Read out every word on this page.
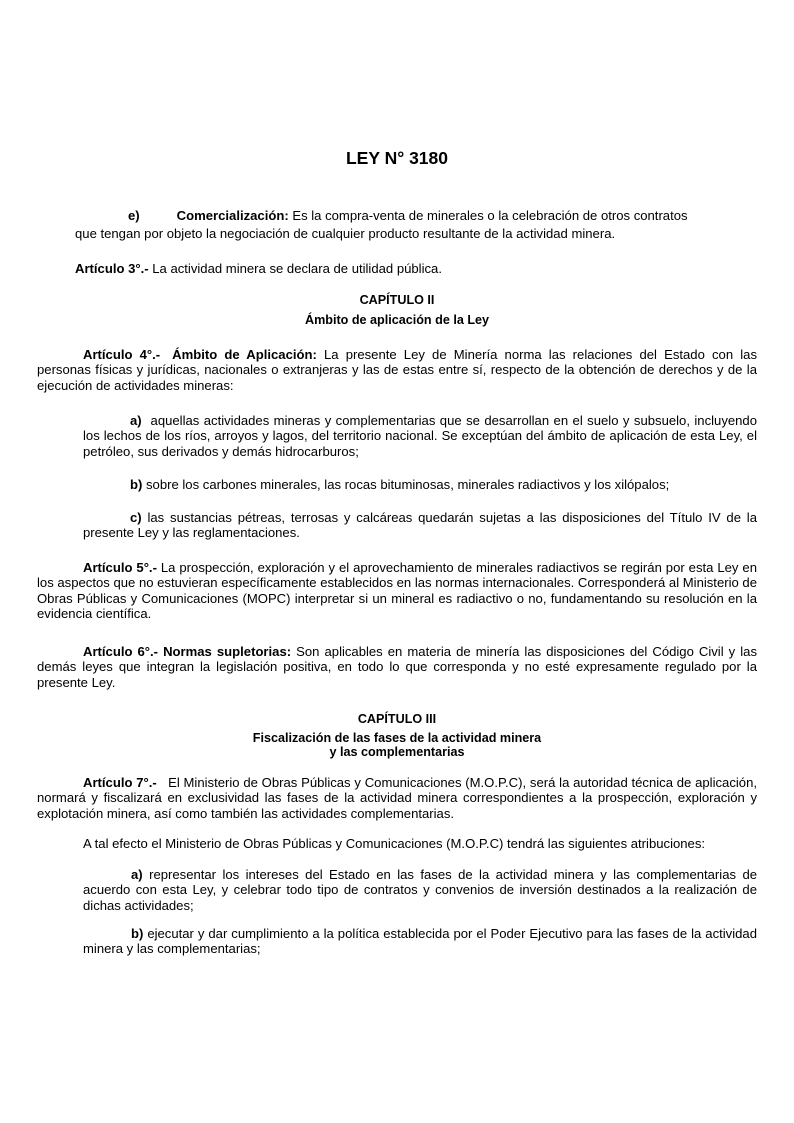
LEY N° 3180

e)	Comercialización: Es la compra-venta de minerales o la celebración de otros contratos

que tengan por objeto la negociación de cualquier producto resultante de la actividad minera.

Artículo 3°.- La actividad minera se declara de utilidad pública.

CAPÍTULO II

Ámbito de aplicación de la Ley

Artículo 4°.- Ámbito de Aplicación: La presente Ley de Minería norma las relaciones del Estado con las personas físicas y jurídicas, nacionales o extranjeras y las de estas entre sí, respecto de la obtención de derechos y de la ejecución de actividades mineras:

a) aquellas actividades mineras y complementarias que se desarrollan en el suelo y subsuelo, incluyendo los lechos de los ríos, arroyos y lagos, del territorio nacional. Se exceptúan del ámbito de aplicación de esta Ley, el petróleo, sus derivados y demás hidrocarburos;

b) sobre los carbones minerales, las rocas bituminosas, minerales radiactivos y los xilópalos;

c) las sustancias pétreas, terrosas y calcáreas quedarán sujetas a las disposiciones del Título IV de la presente Ley y las reglamentaciones.

Artículo 5°.- La prospección, exploración y el aprovechamiento de minerales radiactivos se regirán por esta Ley en los aspectos que no estuvieran específicamente establecidos en las normas internacionales. Corresponderá al Ministerio de Obras Públicas y Comunicaciones (MOPC) interpretar si un mineral es radiactivo o no, fundamentando su resolución en la evidencia científica.

Artículo 6°.- Normas supletorias: Son aplicables en materia de minería las disposiciones del Código Civil y las demás leyes que integran la legislación positiva, en todo lo que corresponda y no esté expresamente regulado por la presente Ley.

CAPÍTULO III

Fiscalización de las fases de la actividad minera

y las complementarias

Artículo 7°.- El Ministerio de Obras Públicas y Comunicaciones (M.O.P.C), será la autoridad técnica de aplicación, normará y fiscalizará en exclusividad las fases de la actividad minera correspondientes a la prospección, exploración y explotación minera, así como también las actividades complementarias.

A tal efecto el Ministerio de Obras Públicas y Comunicaciones (M.O.P.C) tendrá las siguientes atribuciones:

a) representar los intereses del Estado en las fases de la actividad minera y las complementarias de acuerdo con esta Ley, y celebrar todo tipo de contratos y convenios de inversión destinados a la realización de dichas actividades;

b) ejecutar y dar cumplimiento a la política establecida por el Poder Ejecutivo para las fases de la actividad minera y las complementarias;
